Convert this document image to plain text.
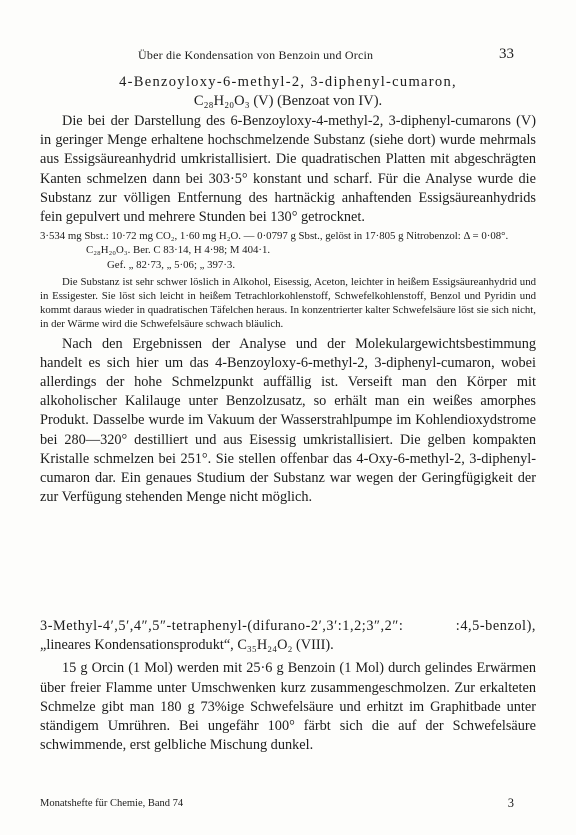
Über die Kondensation von Benzoin und Orcin	33
4-Benzoyloxy-6-methyl-2, 3-diphenyl-cumaron,
C₂₈H₂₀O₃ (V) (Benzoat von IV).

Die bei der Darstellung des 6-Benzoyloxy-4-methyl-2, 3-diphenyl-cumarons (V) in geringer Menge erhaltene hochschmelzende Substanz (siehe dort) wurde mehrmals aus Essigsäureanhydrid umkristallisiert. Die quadratischen Platten mit abgeschrägten Kanten schmelzen dann bei 303·5° konstant und scharf. Für die Analyse wurde die Substanz zur völligen Entfernung des hartnäckig anhaftenden Essigsäureanhydrids fein gepulvert und mehrere Stunden bei 130° getrocknet.

3·534 mg Sbst.: 10·72 mg CO₂, 1·60 mg H₂O. — 0·0797 g Sbst., gelöst in 17·805 g Nitrobenzol: Δ = 0·08°.

C₂₈H₂₀O₃. Ber. C 83·14, H 4·98; M 404·1.
Gef. „ 82·73, „ 5·06; „ 397·3.

Die Substanz ist sehr schwer löslich in Alkohol, Eisessig, Aceton, leichter in heißem Essigsäureanhydrid und in Essigester. Sie löst sich leicht in heißem Tetrachlorkohlenstoff, Schwefelkohlenstoff, Benzol und Pyridin und kommt daraus wieder in quadratischen Täfelchen heraus. In konzentrierter kalter Schwefelsäure löst sie sich nicht, in der Wärme wird die Schwefelsäure schwach bläulich.

Nach den Ergebnissen der Analyse und der Molekulargewichtsbestimmung handelt es sich hier um das 4-Benzoyloxy-6-methyl-2, 3-diphenyl-cumaron, wobei allerdings der hohe Schmelzpunkt auffällig ist. Verseift man den Körper mit alkoholischer Kalilauge unter Benzolzusatz, so erhält man ein weißes amorphes Produkt. Dasselbe wurde im Vakuum der Wasserstrahlpumpe im Kohlendioxydstrome bei 280—320° destilliert und aus Eisessig umkristallisiert. Die gelben kompakten Kristalle schmelzen bei 251°. Sie stellen offenbar das 4-Oxy-6-methyl-2, 3-diphenyl-cumaron dar. Ein genaues Studium der Substanz war wegen der Geringfügigkeit der zur Verfügung stehenden Menge nicht möglich.

3-Methyl-4′,5′,4″,5″-tetraphenyl-(difurano-2′,3′:1,2;3″,2″: :4,5-benzol), „lineares Kondensationsprodukt“, C₃₅H₂₄O₂ (VIII).

15 g Orcin (1 Mol) werden mit 25·6 g Benzoin (1 Mol) durch gelindes Erwärmen über freier Flamme unter Umschwenken kurz zusammengeschmolzen. Zur erkalteten Schmelze gibt man 180 g 73%ige Schwefelsäure und erhitzt im Graphitbade unter ständigem Umrühren. Bei ungefähr 100° färbt sich die auf der Schwefelsäure schwimmende, erst gelbliche Mischung dunkel.

Monatshefte für Chemie, Band 74	3
